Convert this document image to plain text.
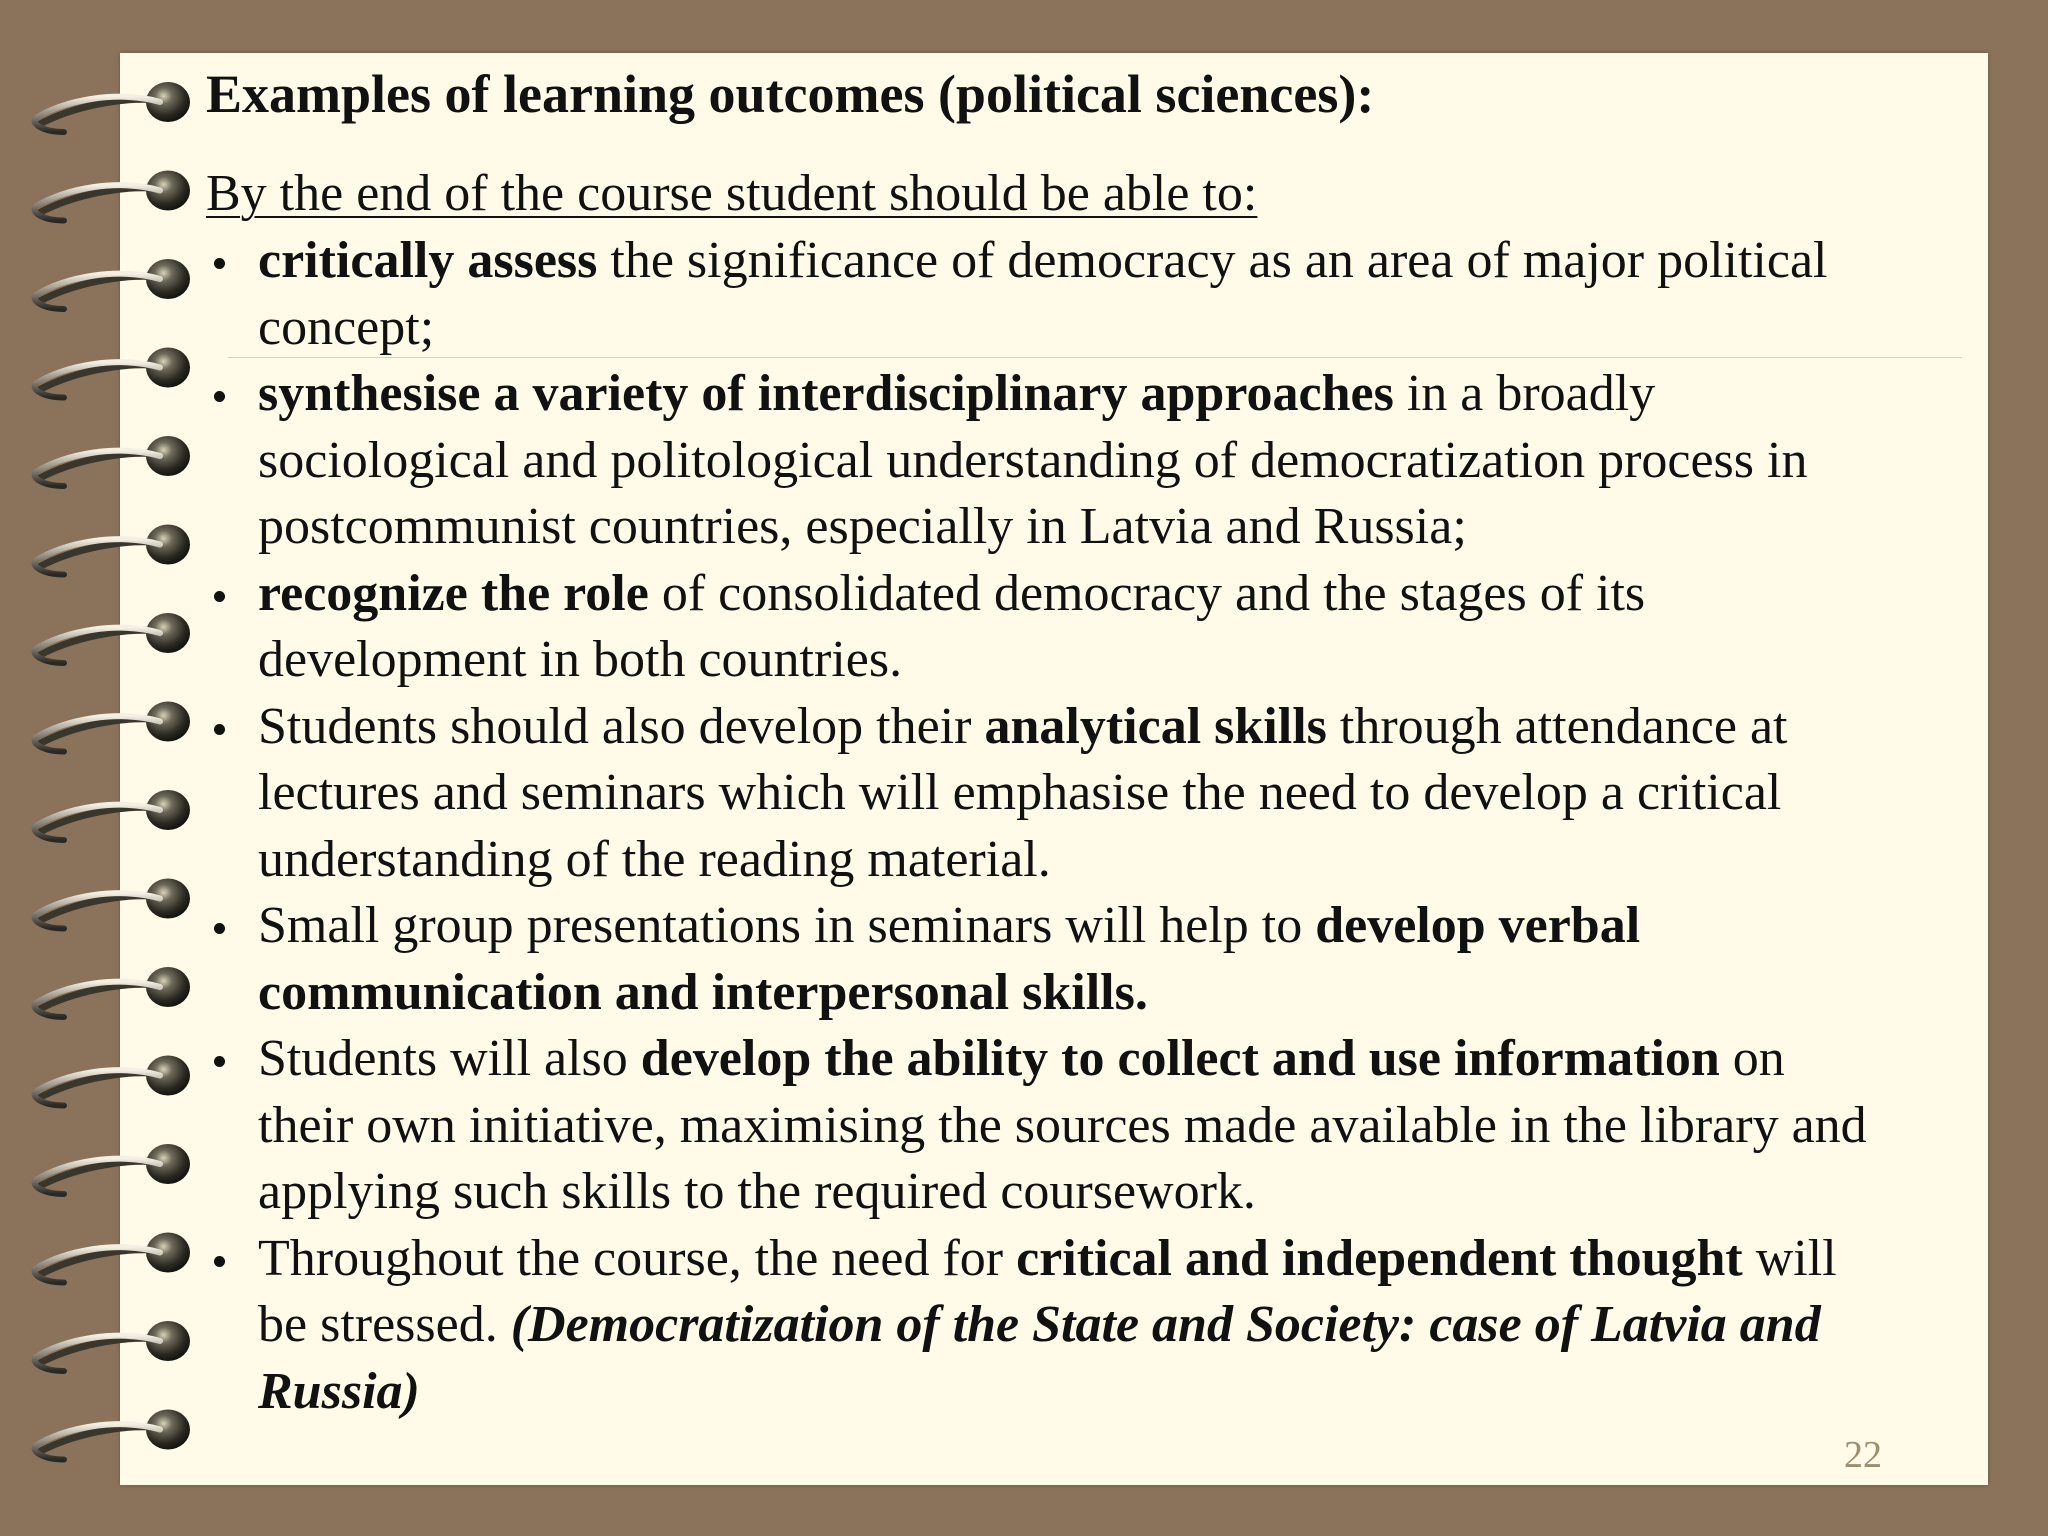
22
Examples of learning outcomes (political sciences):

By the end of the course student should be able to:

critically assess the significance of democracy as an area of major political concept;
synthesise a variety of interdisciplinary approaches in a broadly sociological and politological understanding of democratization process in postcommunist countries, especially in Latvia and Russia;
recognize the role of consolidated democracy and the stages of its development in both countries.
Students should also develop their analytical skills through attendance at lectures and seminars which will emphasise the need to develop a critical understanding of the reading material.
Small group presentations in seminars will help to develop verbal communication and interpersonal skills.
Students will also develop the ability to collect and use information on their own initiative, maximising the sources made available in the library and applying such skills to the required coursework.
Throughout the course, the need for critical and independent thought will be stressed. (Democratization of the State and Society: case of Latvia and Russia)
